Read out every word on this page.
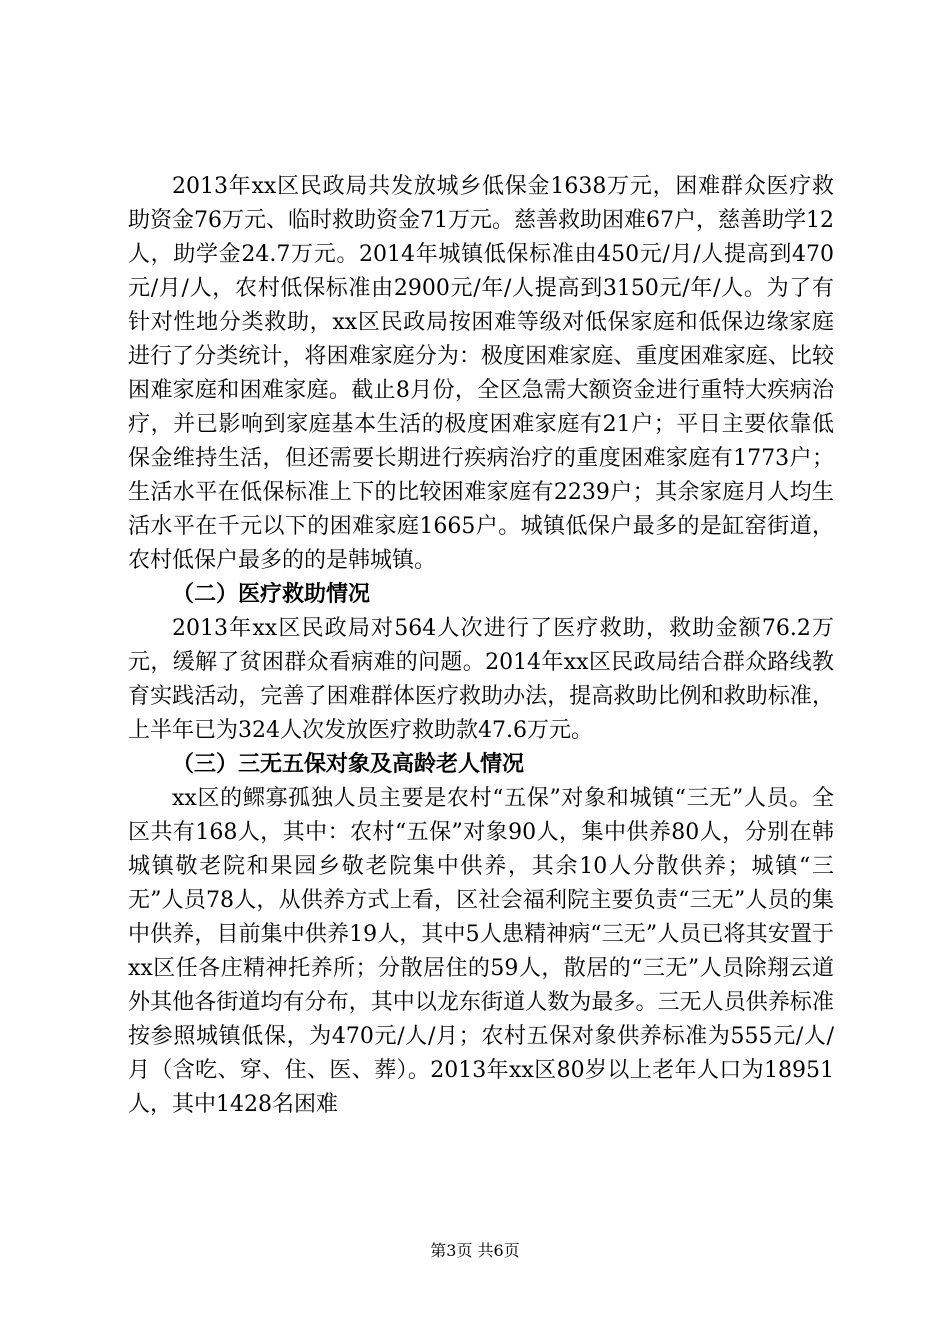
2013年xx区民政局共发放城乡低保金1638万元，困难群众医疗救助资金76万元、临时救助资金71万元。慈善救助困难67户，慈善助学12人，助学金24.7万元。2014年城镇低保标准由450元/月/人提高到470元/月/人，农村低保标准由2900元/年/人提高到3150元/年/人。为了有针对性地分类救助，xx区民政局按困难等级对低保家庭和低保边缘家庭进行了分类统计，将困难家庭分为：极度困难家庭、重度困难家庭、比较困难家庭和困难家庭。截止8月份，全区急需大额资金进行重特大疾病治疗，并已影响到家庭基本生活的极度困难家庭有21户；平日主要依靠低保金维持生活，但还需要长期进行疾病治疗的重度困难家庭有1773户；生活水平在低保标准上下的比较困难家庭有2239户；其余家庭月人均生活水平在千元以下的困难家庭1665户。城镇低保户最多的是缸窑街道，农村低保户最多的的是韩城镇。

（二）医疗救助情况

2013年xx区民政局对564人次进行了医疗救助，救助金额76.2万元，缓解了贫困群众看病难的问题。2014年xx区民政局结合群众路线教育实践活动，完善了困难群体医疗救助办法，提高救助比例和救助标准，上半年已为324人次发放医疗救助款47.6万元。

（三）三无五保对象及高龄老人情况

xx区的鳏寡孤独人员主要是农村“五保”对象和城镇“三无”人员。全区共有168人，其中：农村“五保”对象90人，集中供养80人，分别在韩城镇敬老院和果园乡敬老院集中供养，其余10人分散供养；城镇“三无”人员78人，从供养方式上看，区社会福利院主要负责“三无”人员的集中供养，目前集中供养19人，其中5人患精神病“三无”人员已将其安置于xx区任各庄精神托养所；分散居住的59人，散居的“三无”人员除翔云道外其他各街道均有分布，其中以龙东街道人数为最多。三无人员供养标准按参照城镇低保，为470元/人/月；农村五保对象供养标准为555元/人/月（含吃、穿、住、医、葬）。2013年xx区80岁以上老年人口为18951人，其中1428名困难

第3页 共6页
